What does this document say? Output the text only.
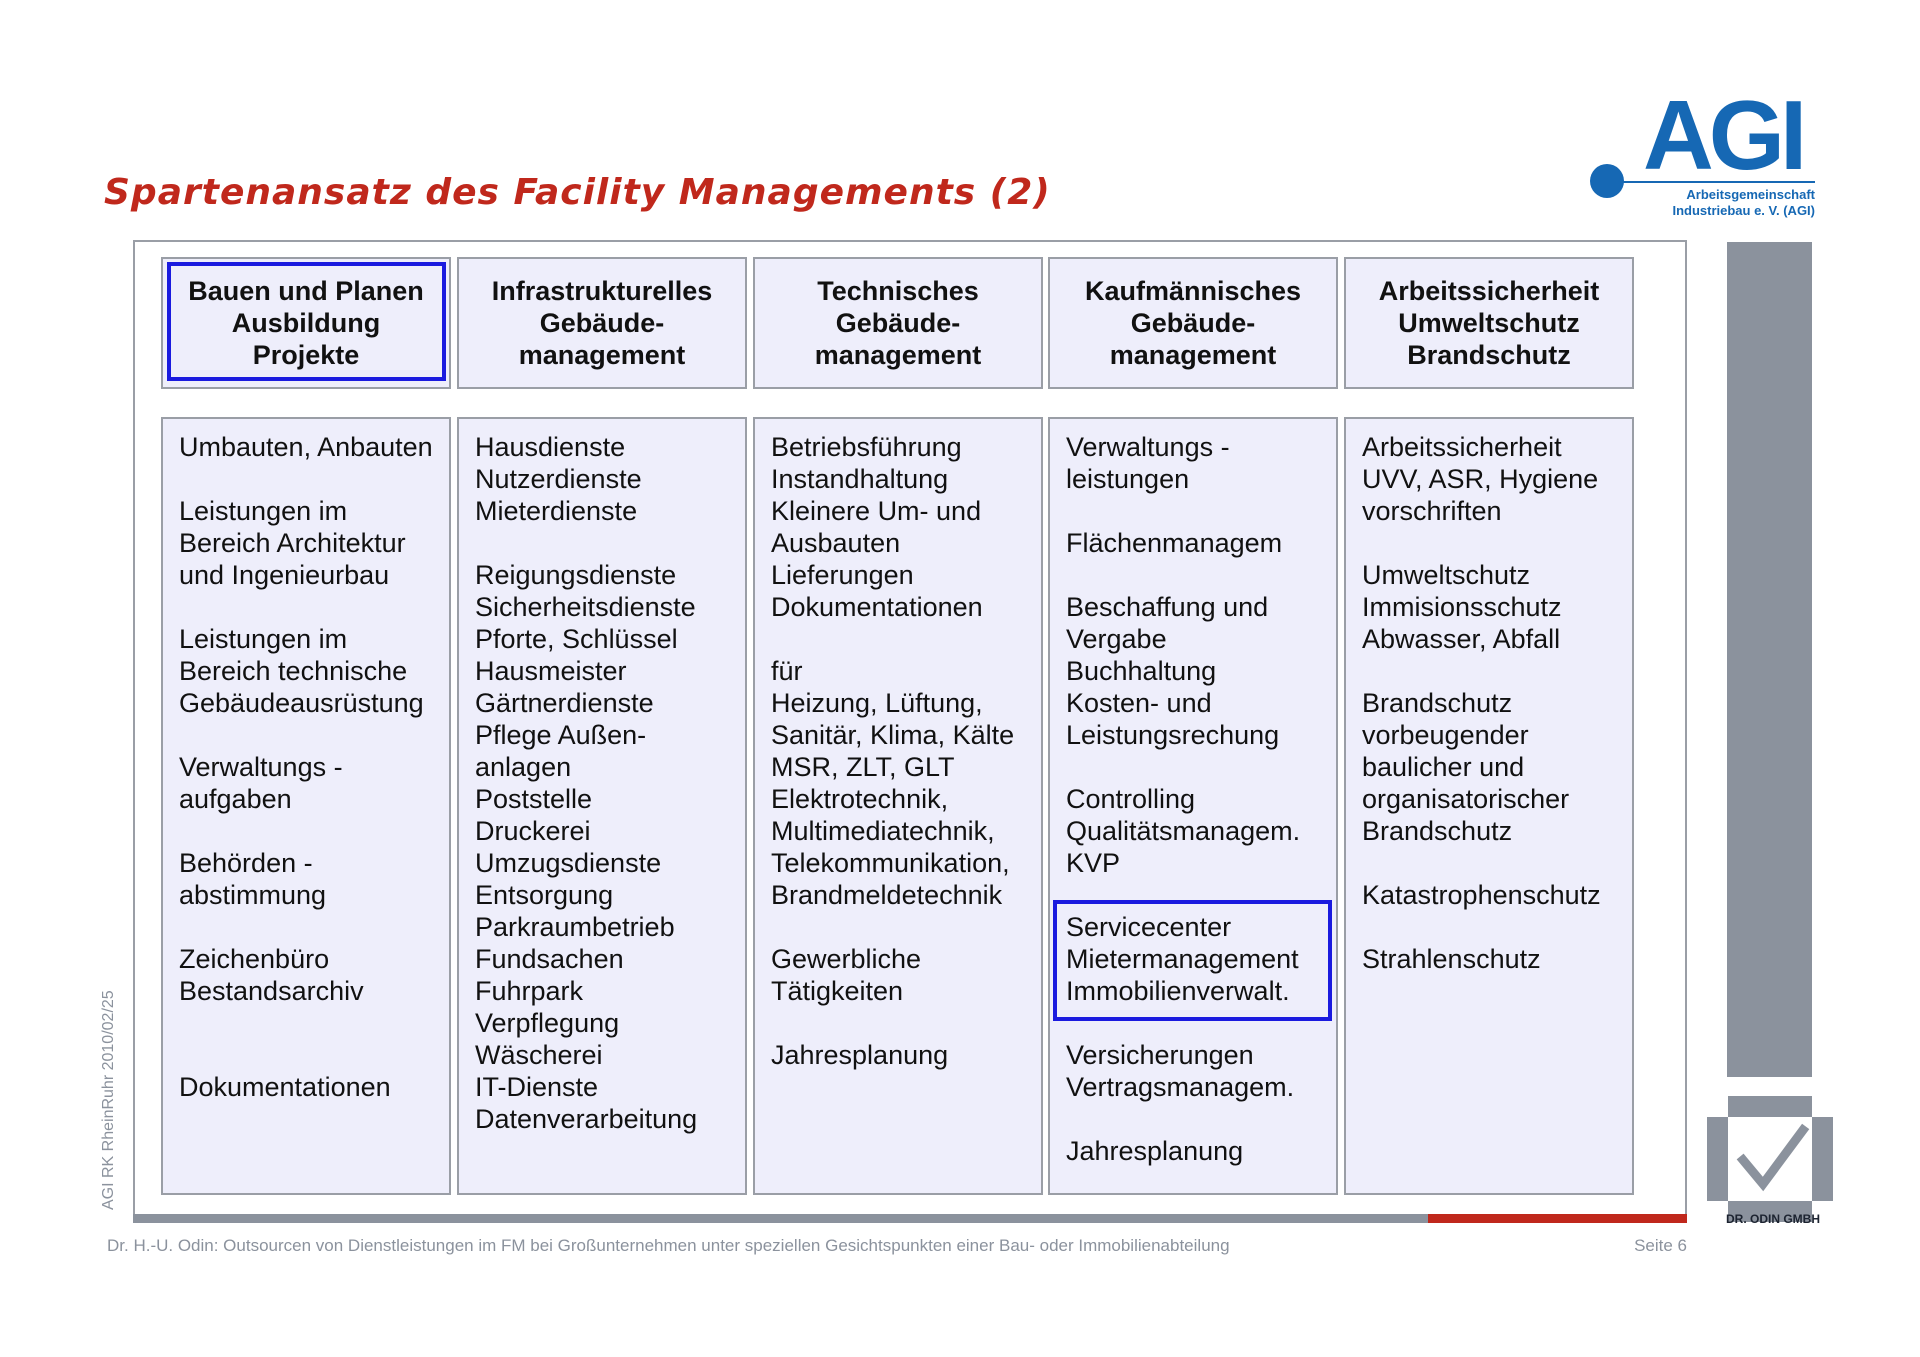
Spartenansatz des Facility Managements (2)
AGI
Arbeitsgemeinschaft
Industriebau e. V. (AGI)
Bauen und Planen
Ausbildung
Projekte
Infrastrukturelles
Gebäude-
management
Technisches
Gebäude-
management
Kaufmännisches
Gebäude-
management
Arbeitssicherheit
Umweltschutz
Brandschutz
Umbauten, Anbauten

Leistungen im
Bereich Architektur
und Ingenieurbau

Leistungen im
Bereich technische
Gebäudeausrüstung

Verwaltungs -
aufgaben

Behörden -
abstimmung

Zeichenbüro
Bestandsarchiv

Dokumentationen
Hausdienste
Nutzerdienste
Mieterdienste

Reigungsdienste
Sicherheitsdienste
Pforte, Schlüssel
Hausmeister
Gärtnerdienste
Pflege Außen-
anlagen
Poststelle
Druckerei
Umzugsdienste
Entsorgung
Parkraumbetrieb
Fundsachen
Fuhrpark
Verpflegung
Wäscherei
IT-Dienste
Datenverarbeitung
Betriebsführung
Instandhaltung
Kleinere Um- und
Ausbauten
Lieferungen
Dokumentationen

für
Heizung, Lüftung,
Sanitär, Klima, Kälte
MSR, ZLT, GLT
Elektrotechnik,
Multimediatechnik,
Telekommunikation,
Brandmeldetechnik

Gewerbliche
Tätigkeiten

Jahresplanung
Verwaltungs -
leistungen

Flächenmanagem

Beschaffung und
Vergabe
Buchhaltung
Kosten- und
Leistungsrechung

Controlling
Qualitätsmanagem.
KVP

Servicecenter
Mietermanagement
Immobilienverwalt.

Versicherungen
Vertragsmanagem.

Jahresplanung
Arbeitssicherheit
UVV, ASR, Hygiene
vorschriften

Umweltschutz
Immisionsschutz
Abwasser, Abfall

Brandschutz
vorbeugender
baulicher und
organisatorischer
Brandschutz

Katastrophenschutz

Strahlenschutz
DR. ODIN GMBH
AGI RK RheinRuhr 2010/02/25
Dr. H.-U. Odin: Outsourcen von Dienstleistungen im FM bei Großunternehmen unter speziellen Gesichtspunkten einer Bau- oder Immobilienabteilung	Seite 6
